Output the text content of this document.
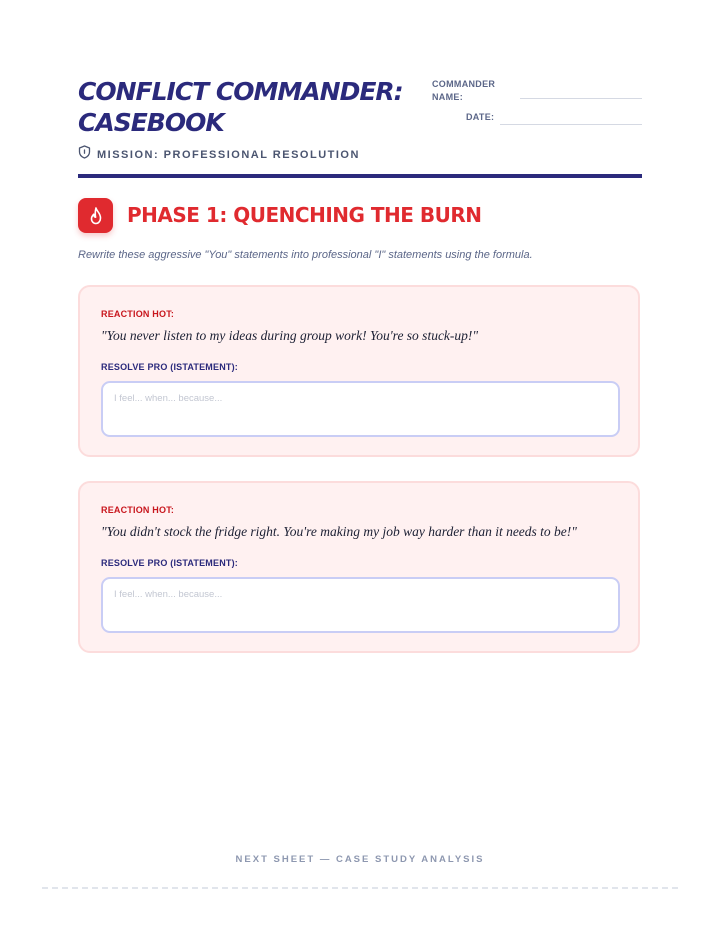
CONFLICT COMMANDER:
CASEBOOK
COMMANDER
NAME:
DATE:
MISSION: PROFESSIONAL RESOLUTION
PHASE 1: QUENCHING THE BURN
Rewrite these aggressive "You" statements into professional "I" statements using the formula.
REACTION HOT:
"You never listen to my ideas during group work! You're so stuck-up!"
RESOLVE PRO (ISTATEMENT):
I feel... when... because...
REACTION HOT:
"You didn't stock the fridge right. You're making my job way harder than it needs to be!"
RESOLVE PRO (ISTATEMENT):
I feel... when... because...
NEXT SHEET — CASE STUDY ANALYSIS
